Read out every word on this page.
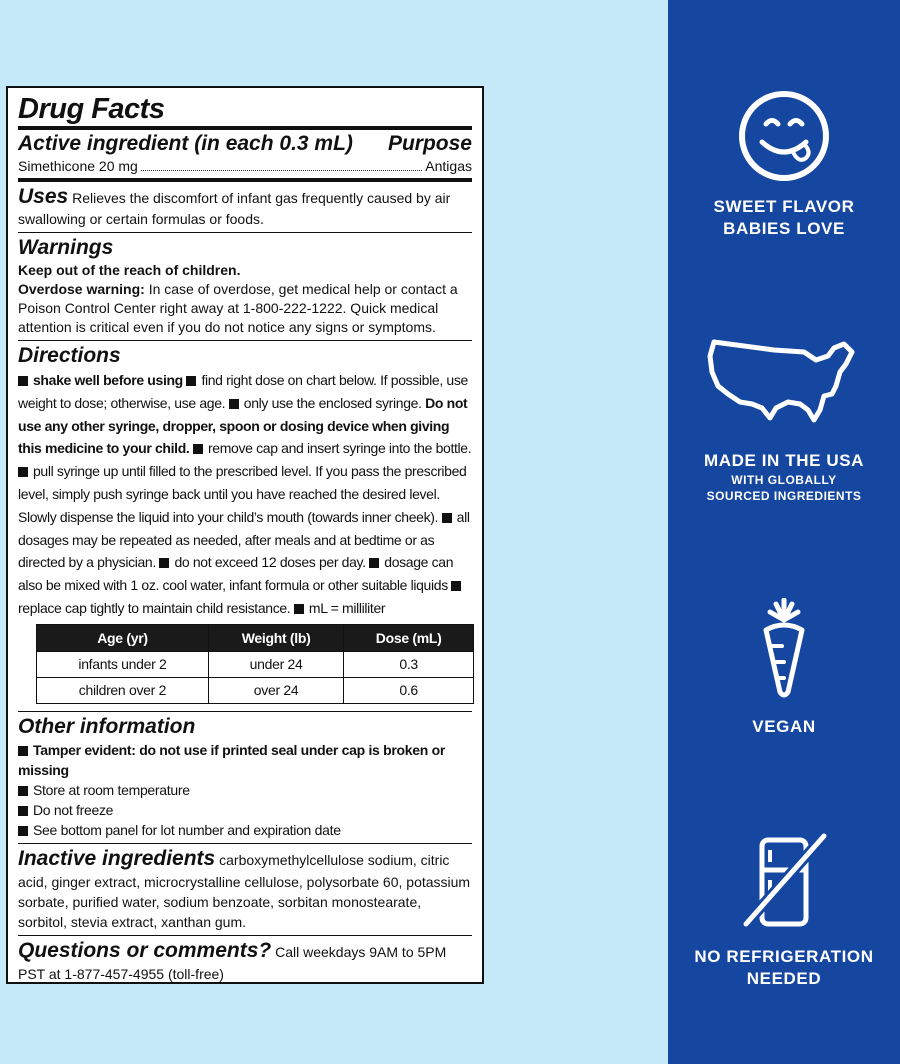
Drug Facts
Active ingredient (in each 0.3 mL) Purpose
Simethicone 20 mg	Antigas
Uses Relieves the discomfort of infant gas frequently caused by air swallowing or certain formulas or foods.
Warnings
Keep out of the reach of children.
Overdose warning: In case of overdose, get medical help or contact a Poison Control Center right away at 1-800-222-1222. Quick medical attention is critical even if you do not notice any signs or symptoms.
Directions
shake well before using find right dose on chart below. If possible, use weight to dose; otherwise, use age. only use the enclosed syringe. Do not use any other syringe, dropper, spoon or dosing device when giving this medicine to your child. remove cap and insert syringe into the bottle. pull syringe up until filled to the prescribed level. If you pass the prescribed level, simply push syringe back until you have reached the desired level. Slowly dispense the liquid into your child’s mouth (towards inner cheek). all dosages may be repeated as needed, after meals and at bedtime or as directed by a physician. do not exceed 12 doses per day. dosage can also be mixed with 1 oz. cool water, infant formula or other suitable liquids replace cap tightly to maintain child resistance. mL = milliliter
Age (yr)	Weight (lb)	Dose (mL)
infants under 2	under 24	0.3
children over 2	over 24	0.6
Other information
Tamper evident: do not use if printed seal under cap is broken or missing
Store at room temperature
Do not freeze
See bottom panel for lot number and expiration date
Inactive ingredients carboxymethylcellulose sodium, citric acid, ginger extract, microcrystalline cellulose, polysorbate 60, potassium sorbate, purified water, sodium benzoate, sorbitan monostearate, sorbitol, stevia extract, xanthan gum.
Questions or comments? Call weekdays 9AM to 5PM PST at 1-877-457-4955 (toll-free)
SWEET FLAVOR
BABIES LOVE
MADE IN THE USA
WITH GLOBALLY
SOURCED INGREDIENTS
VEGAN
NO REFRIGERATION
NEEDED
